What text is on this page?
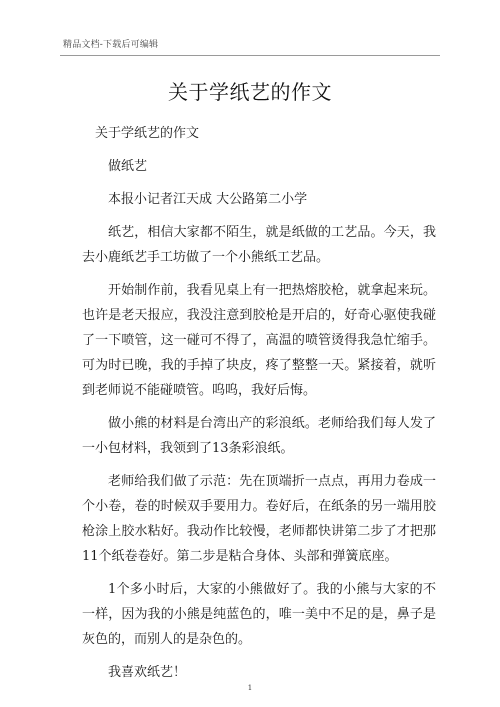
精品文档-下载后可编辑
关于学纸艺的作文

关于学纸艺的作文

做纸艺

本报小记者江天成 大公路第二小学

纸艺，相信大家都不陌生，就是纸做的工艺品。今天，我去小鹿纸艺手工坊做了一个小熊纸工艺品。

开始制作前，我看见桌上有一把热熔胶枪，就拿起来玩。也许是老天报应，我没注意到胶枪是开启的，好奇心驱使我碰了一下喷管，这一碰可不得了，高温的喷管烫得我急忙缩手。可为时已晚，我的手掉了块皮，疼了整整一天。紧接着，就听到老师说不能碰喷管。呜呜，我好后悔。

做小熊的材料是台湾出产的彩浪纸。老师给我们每人发了一小包材料，我领到了13条彩浪纸。

老师给我们做了示范：先在顶端折一点点，再用力卷成一个小卷，卷的时候双手要用力。卷好后，在纸条的另一端用胶枪涂上胶水粘好。我动作比较慢，老师都快讲第二步了才把那11个纸卷卷好。第二步是粘合身体、头部和弹簧底座。

1个多小时后，大家的小熊做好了。我的小熊与大家的不一样，因为我的小熊是纯蓝色的，唯一美中不足的是，鼻子是灰色的，而别人的是杂色的。

我喜欢纸艺！

1
